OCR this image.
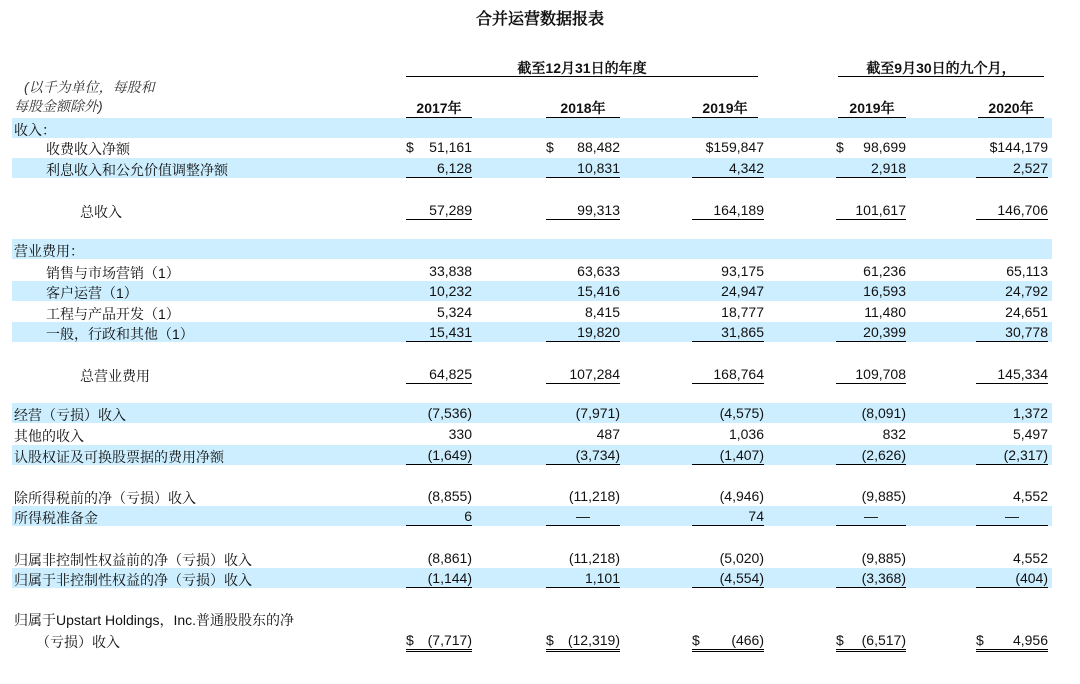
合并运营数据报表
截至12月31日的年度	截至9月30日的九个月，
(以千为单位，每股和
每股金额除外)	2017年	2018年	2019年	2019年	2020年
收入：
收费收入净额	$ 51,161	$ 88,482	$159,847	$ 98,699	$144,179
利息收入和公允价值调整净额	6,128	10,831	4,342	2,918	2,527
总收入	57,289	99,313	164,189	101,617	146,706
营业费用：
销售与市场营销（1）	33,838	63,633	93,175	61,236	65,113
客户运营（1）	10,232	15,416	24,947	16,593	24,792
工程与产品开发（1）	5,324	8,415	18,777	11,480	24,651
一般，行政和其他（1）	15,431	19,820	31,865	20,399	30,778
总营业费用	64,825	107,284	168,764	109,708	145,334
经营（亏损）收入	(7,536)	(7,971)	(4,575)	(8,091)	1,372
其他的收入	330	487	1,036	832	5,497
认股权证及可换股票据的费用净额	(1,649)	(3,734)	(1,407)	(2,626)	(2,317)
除所得税前的净（亏损）收入	(8,855)	(11,218)	(4,946)	(9,885)	4,552
所得税准备金	6	—	74	—	—
归属非控制性权益前的净（亏损）收入	(8,861)	(11,218)	(5,020)	(9,885)	4,552
归属于非控制性权益的净（亏损）收入	(1,144)	1,101	(4,554)	(3,368)	(404)
归属于Upstart Holdings，Inc.普通股股东的净
（亏损）收入	$ (7,717)	$ (12,319)	$ (466)	$ (6,517)	$ 4,956
